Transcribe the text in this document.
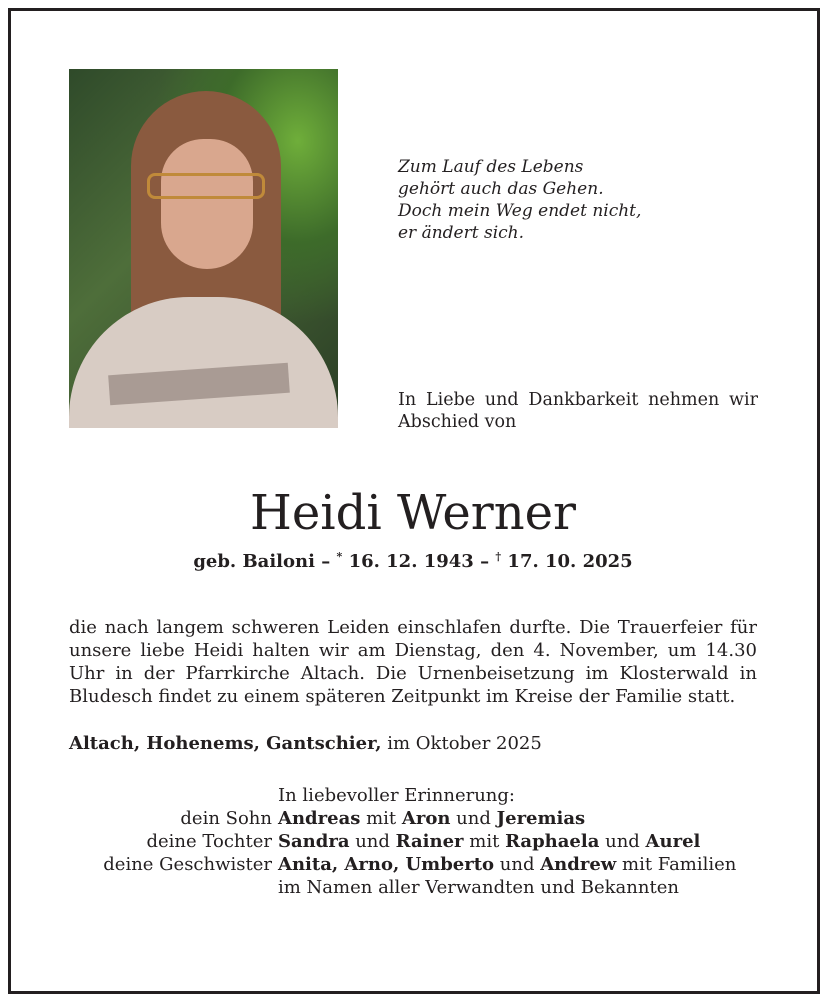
Zum Lauf des Lebens
gehört auch das Gehen.
Doch mein Weg endet nicht,
er ändert sich.
In Liebe und Dankbarkeit nehmen wir Abschied von
Heidi Werner
geb. Bailoni – * 16. 12. 1943 – † 17. 10. 2025
die nach langem schweren Leiden einschlafen durfte. Die Trauerfeier für unsere liebe Heidi halten wir am Dienstag, den 4. November, um 14.30 Uhr in der Pfarrkirche Altach. Die Urnenbeisetzung im Klosterwald in Bludesch findet zu einem späteren Zeitpunkt im Kreise der Familie statt.
Altach, Hohenems, Gantschier, im Oktober 2025
In liebevoller Erinnerung:
dein Sohn Andreas mit Aron und Jeremias
deine Tochter Sandra und Rainer mit Raphaela und Aurel
deine Geschwister Anita, Arno, Umberto und Andrew mit Familien
im Namen aller Verwandten und Bekannten
